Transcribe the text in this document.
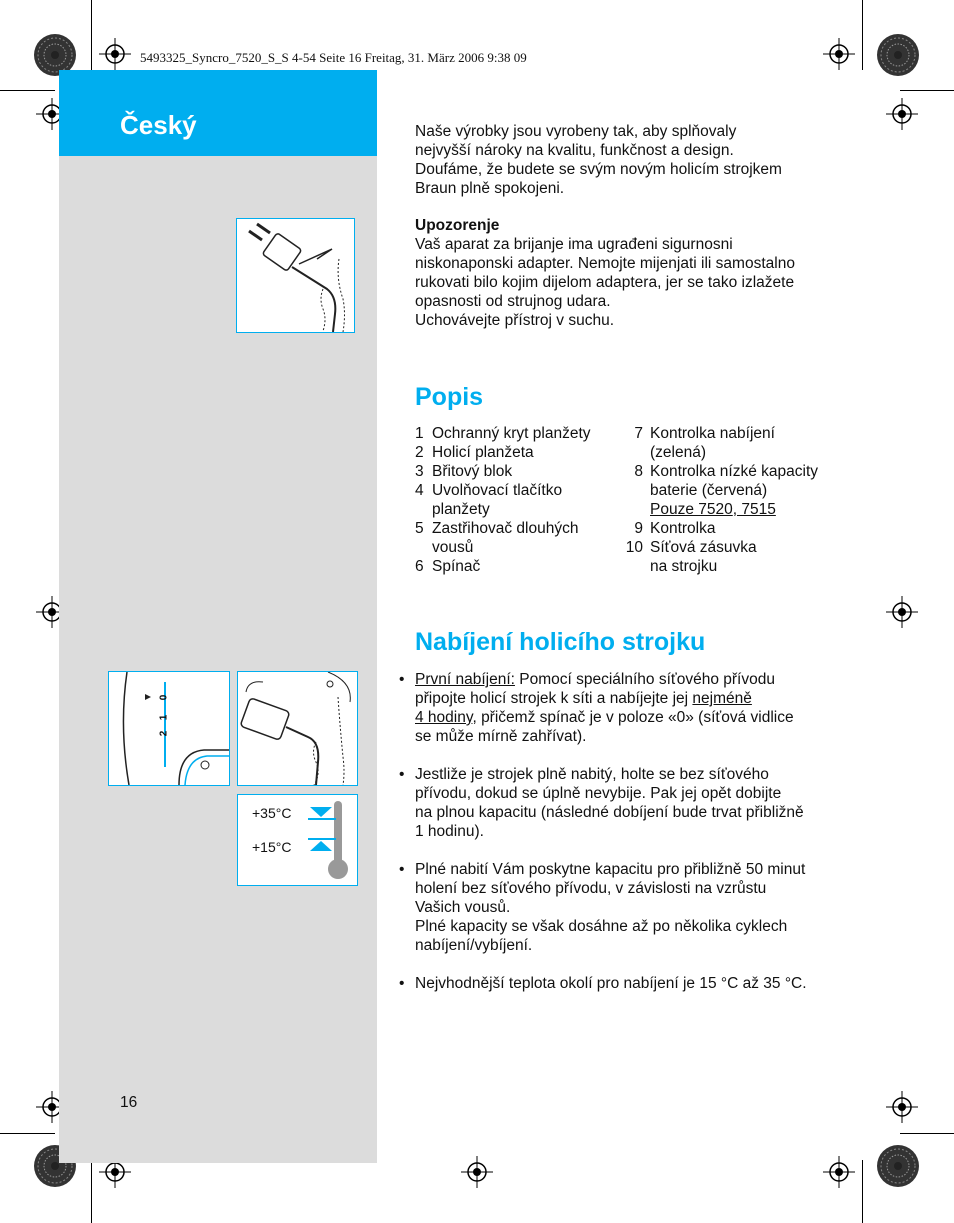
5493325_Syncro_7520_S_S 4-54 Seite 16 Freitag, 31. März 2006 9:38 09
Český
16
0
1
2
+35°C
+15°C
Naše výrobky jsou vyrobeny tak, aby splňovaly
nejvyšší nároky na kvalitu, funkčnost a design.
Doufáme, že budete se svým novým holicím strojkem
Braun plně spokojeni.
Upozorenje
Vaš aparat za brijanje ima ugrađeni sigurnosni
niskonaponski adapter. Nemojte mijenjati ili samostalno
rukovati bilo kojim dijelom adaptera, jer se tako izlažete
opasnosti od strujnog udara.
Uchovávejte přístroj v suchu.
Popis
1 Ochranný kryt planžety
2 Holicí planžeta
3 Břitový blok
4 Uvolňovací tlačítko
planžety
5 Zastřihovač dlouhých
vousů
6 Spínač
7 Kontrolka nabíjení
(zelená)
8 Kontrolka nízké kapacity
baterie (červená)
Pouze 7520, 7515
9 Kontrolka
10 Síťová zásuvka
na strojku
Nabíjení holicího strojku
• První nabíjení: Pomocí speciálního síťového přívodu
připojte holicí strojek k síti a nabíjejte jej nejméně
4 hodiny, přičemž spínač je v poloze «0» (síťová vidlice
se může mírně zahřívat).
• Jestliže je strojek plně nabitý, holte se bez síťového
přívodu, dokud se úplně nevybije. Pak jej opět dobijte
na plnou kapacitu (následné dobíjení bude trvat přibližně
1 hodinu).
• Plné nabití Vám poskytne kapacitu pro přibližně 50 minut
holení bez síťového přívodu, v závislosti na vzrůstu
Vašich vousů.
Plné kapacity se však dosáhne až po několika cyklech
nabíjení/vybíjení.
• Nejvhodnější teplota okolí pro nabíjení je 15 °C až 35 °C.
